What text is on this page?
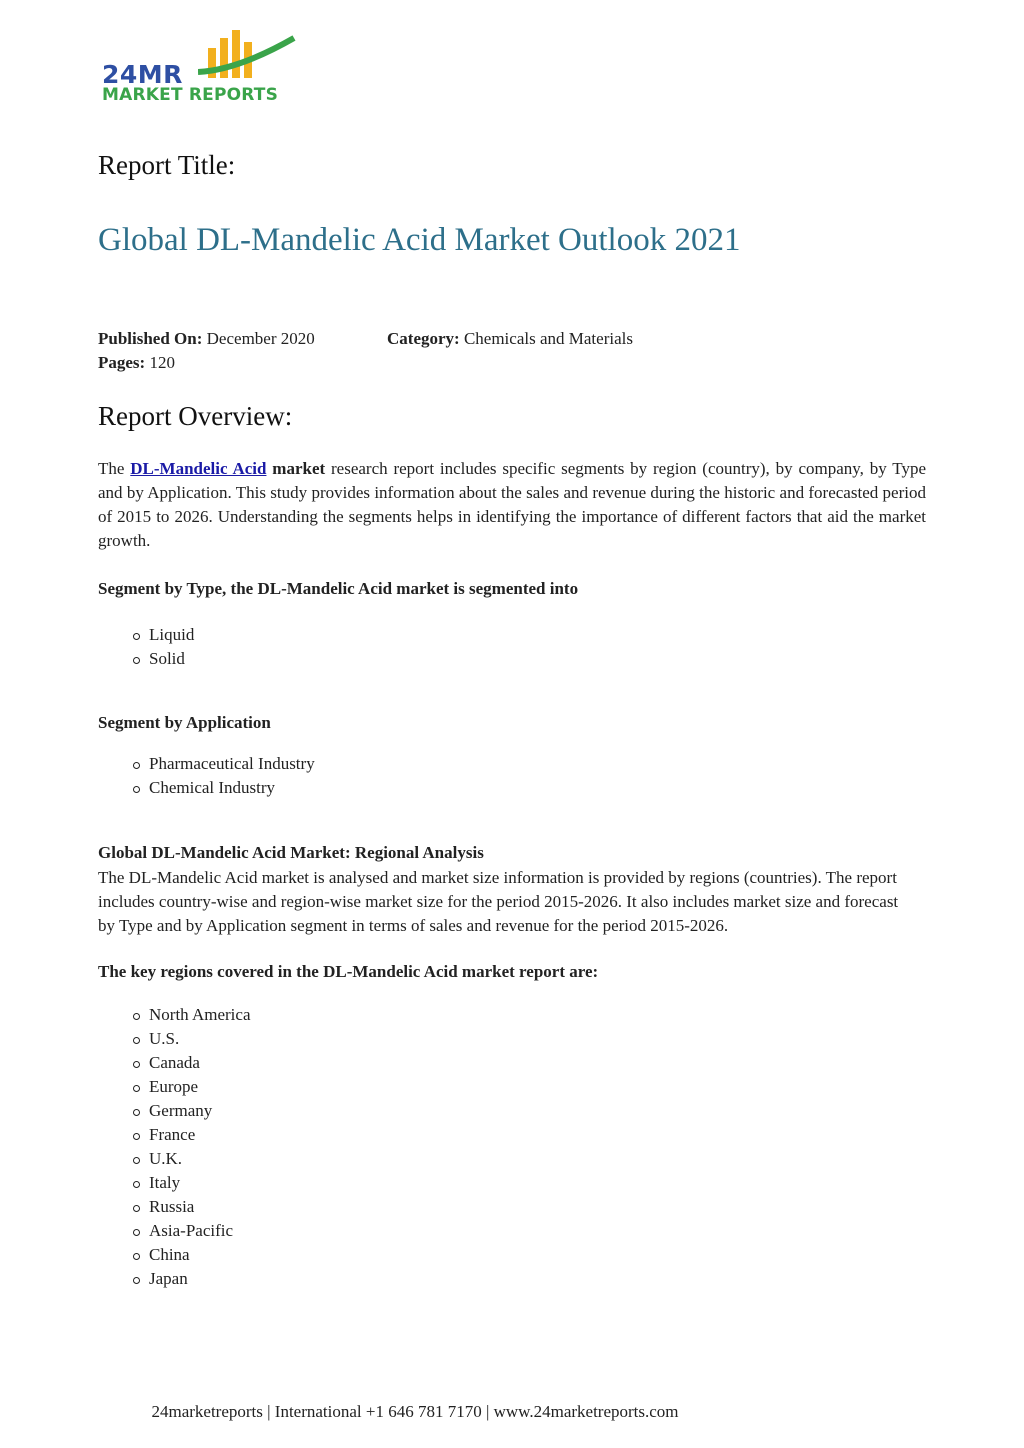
24MR
MARKET REPORTS
Report Title:
Global DL-Mandelic Acid Market Outlook 2021
Published On: December 2020	Category: Chemicals and Materials
Pages: 120
Report Overview:
The DL-Mandelic Acid market research report includes specific segments by region (country), by company, by Type and by Application. This study provides information about the sales and revenue during the historic and forecasted period of 2015 to 2026. Understanding the segments helps in identifying the importance of different factors that aid the market growth.
Segment by Type, the DL-Mandelic Acid market is segmented into
Liquid
Solid
Segment by Application
Pharmaceutical Industry
Chemical Industry
Global DL-Mandelic Acid Market: Regional Analysis
The DL-Mandelic Acid market is analysed and market size information is provided by regions (countries). The report includes country-wise and region-wise market size for the period 2015-2026. It also includes market size and forecast by Type and by Application segment in terms of sales and revenue for the period 2015-2026.
The key regions covered in the DL-Mandelic Acid market report are:
North America
U.S.
Canada
Europe
Germany
France
U.K.
Italy
Russia
Asia-Pacific
China
Japan
24marketreports | International +1 646 781 7170 | www.24marketreports.com
